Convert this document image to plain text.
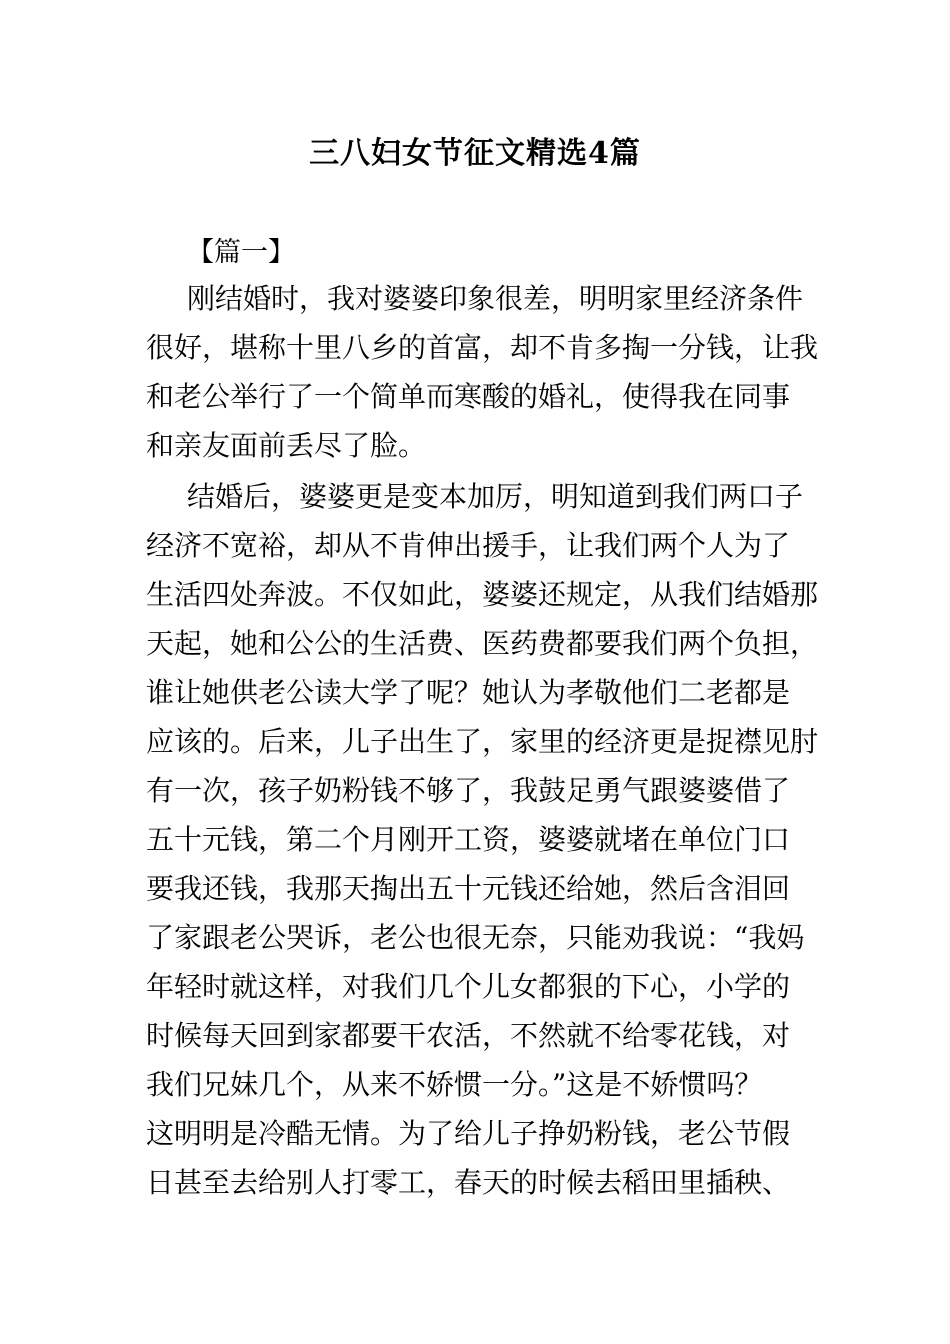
三八妇女节征文精选4篇
【篇一】
刚结婚时，我对婆婆印象很差，明明家里经济条件
很好，堪称十里八乡的首富，却不肯多掏一分钱，让我
和老公举行了一个简单而寒酸的婚礼，使得我在同事
和亲友面前丢尽了脸。
结婚后，婆婆更是变本加厉，明知道到我们两口子
经济不宽裕，却从不肯伸出援手，让我们两个人为了
生活四处奔波。不仅如此，婆婆还规定，从我们结婚那
天起，她和公公的生活费、医药费都要我们两个负担，
谁让她供老公读大学了呢？她认为孝敬他们二老都是
应该的。后来，儿子出生了，家里的经济更是捉襟见肘
有一次，孩子奶粉钱不够了，我鼓足勇气跟婆婆借了
五十元钱，第二个月刚开工资，婆婆就堵在单位门口
要我还钱，我那天掏出五十元钱还给她，然后含泪回
了家跟老公哭诉，老公也很无奈，只能劝我说：“我妈
年轻时就这样，对我们几个儿女都狠的下心，小学的
时候每天回到家都要干农活，不然就不给零花钱，对
我们兄妹几个，从来不娇惯一分。”这是不娇惯吗？
这明明是冷酷无情。为了给儿子挣奶粉钱，老公节假
日甚至去给别人打零工，春天的时候去稻田里插秧、
